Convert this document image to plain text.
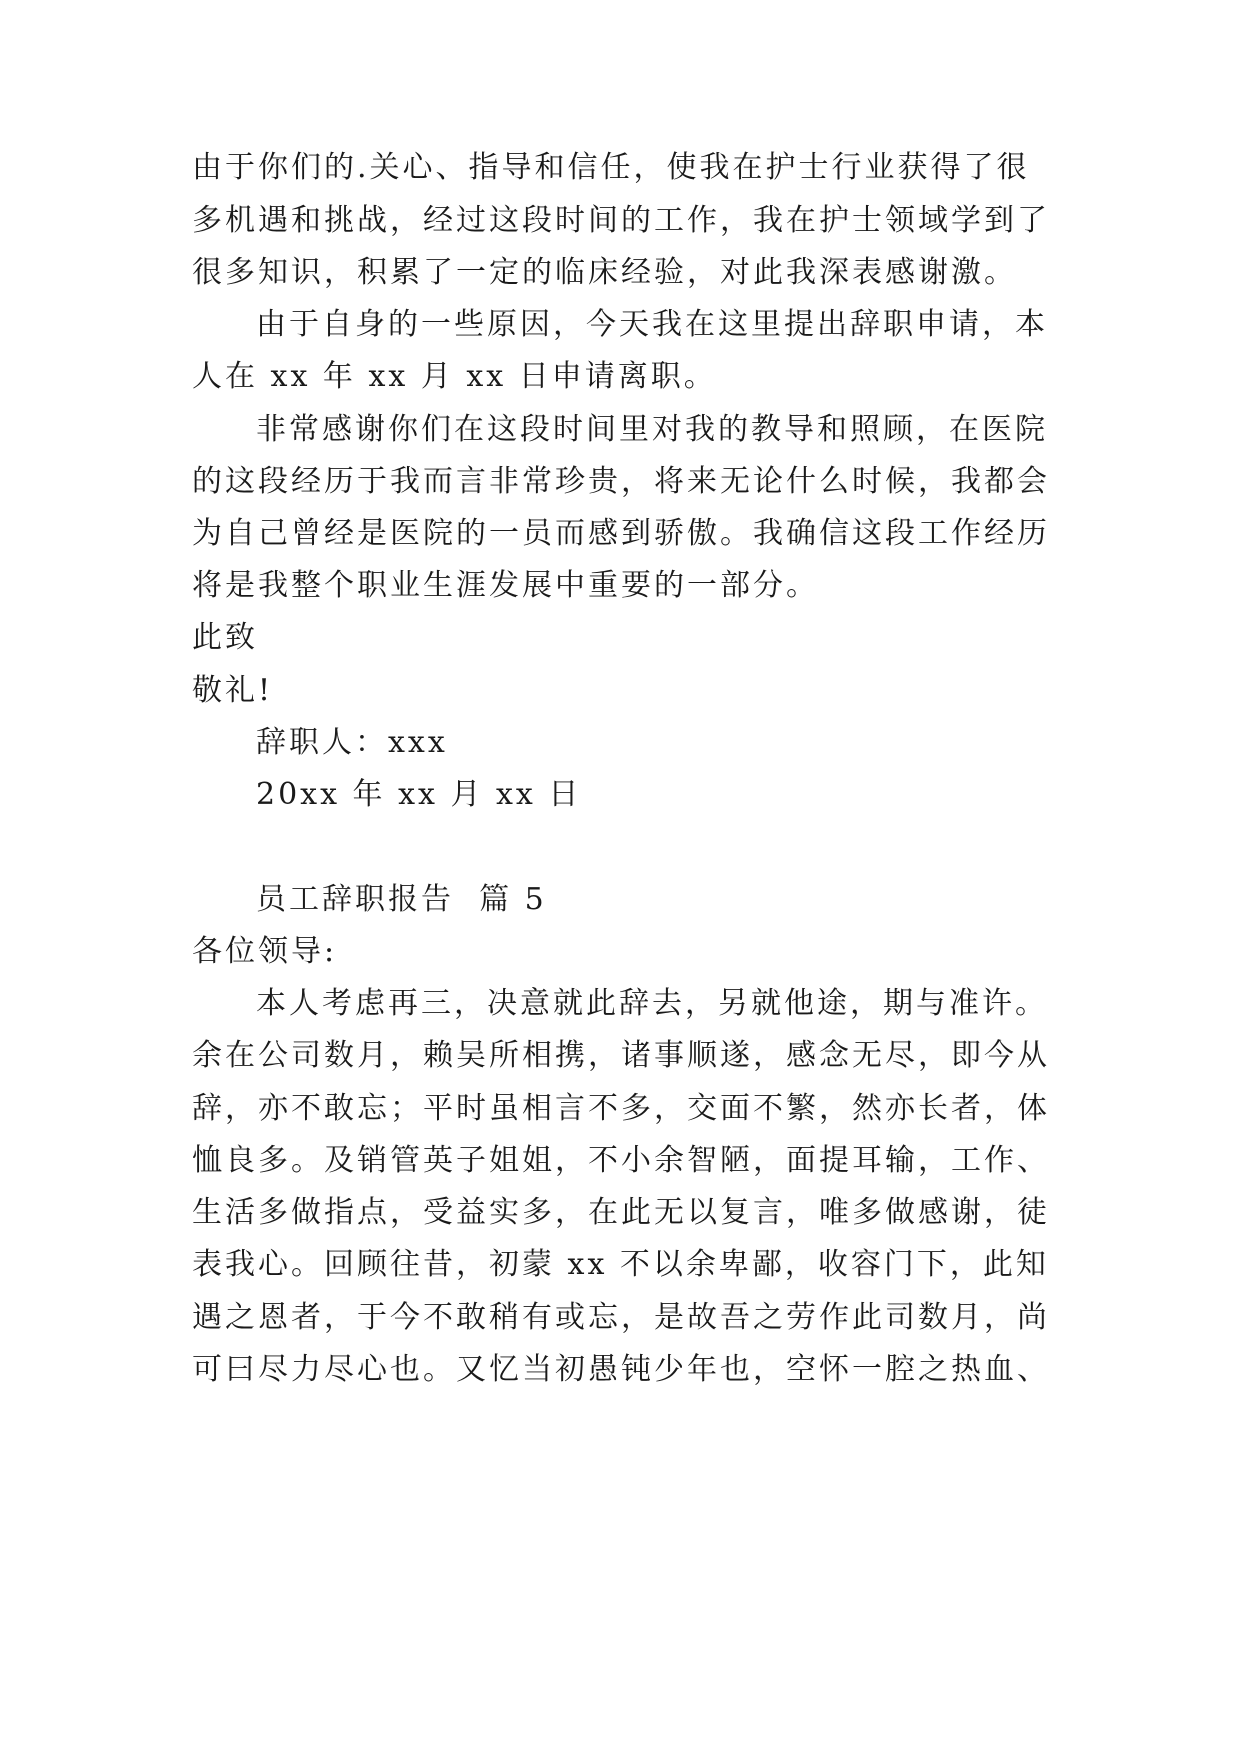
由于你们的.关心、指导和信任，使我在护士行业获得了很

多机遇和挑战，经过这段时间的工作，我在护士领域学到了

很多知识，积累了一定的临床经验，对此我深表感谢激。

由于自身的一些原因，今天我在这里提出辞职申请，本

人在 xx 年 xx 月 xx 日申请离职。

非常感谢你们在这段时间里对我的教导和照顾，在医院

的这段经历于我而言非常珍贵，将来无论什么时候，我都会

为自己曾经是医院的一员而感到骄傲。我确信这段工作经历

将是我整个职业生涯发展中重要的一部分。

此致

敬礼!

辞职人：xxx

20xx 年 xx 月 xx 日

员工辞职报告  篇 5

各位领导:

本人考虑再三，决意就此辞去，另就他途，期与准许。

余在公司数月，赖吴所相携，诸事顺遂，感念无尽，即今从

辞，亦不敢忘；平时虽相言不多，交面不繁，然亦长者，体

恤良多。及销管英子姐姐，不小余智陋，面提耳输，工作、

生活多做指点，受益实多，在此无以复言，唯多做感谢，徒

表我心。回顾往昔，初蒙 xx 不以余卑鄙，收容门下，此知

遇之恩者，于今不敢稍有或忘，是故吾之劳作此司数月，尚

可曰尽力尽心也。又忆当初愚钝少年也，空怀一腔之热血、
